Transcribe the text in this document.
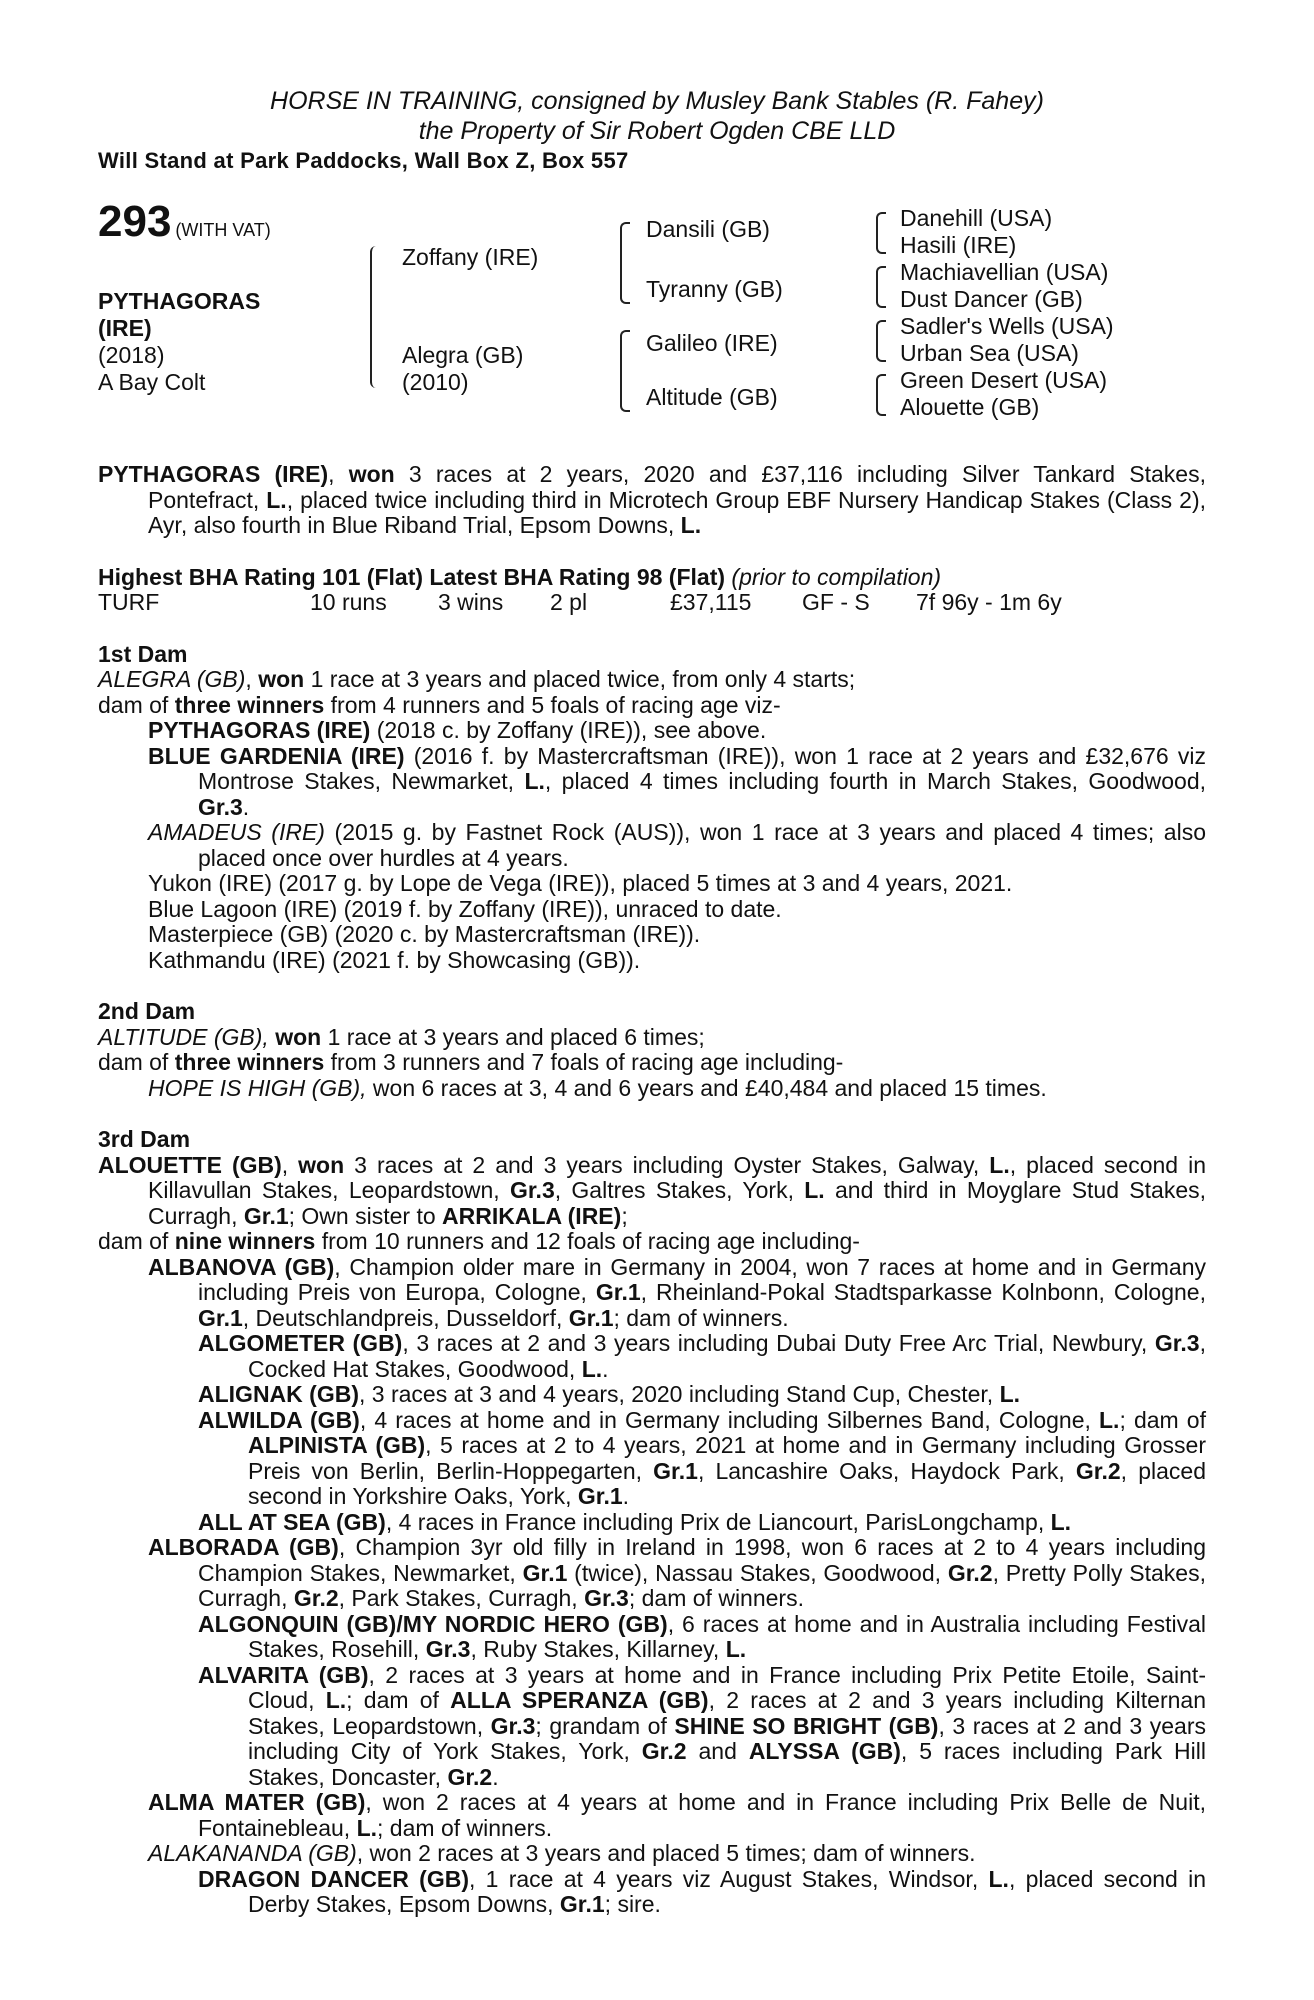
HORSE IN TRAINING, consigned by Musley Bank Stables (R. Fahey)
the Property of Sir Robert Ogden CBE LLD
Will Stand at Park Paddocks, Wall Box Z, Box 557
293 (WITH VAT)
PYTHAGORAS
(IRE)
(2018)
A Bay Colt
Zoffany (IRE)
Alegra (GB)
(2010)
Dansili (GB)
Tyranny (GB)
Galileo (IRE)
Altitude (GB)
Danehill (USA)
Hasili (IRE)
Machiavellian (USA)
Dust Dancer (GB)
Sadler's Wells (USA)
Urban Sea (USA)
Green Desert (USA)
Alouette (GB)
PYTHAGORAS (IRE), won 3 races at 2 years, 2020 and £37,116 including Silver Tankard Stakes, Pontefract, L., placed twice including third in Microtech Group EBF Nursery Handicap Stakes (Class 2), Ayr, also fourth in Blue Riband Trial, Epsom Downs, L.
Highest BHA Rating 101 (Flat) Latest BHA Rating 98 (Flat) (prior to compilation)
TURF	10 runs	3 wins	2 pl	£37,115	GF - S	7f 96y - 1m 6y
1st Dam
ALEGRA (GB), won 1 race at 3 years and placed twice, from only 4 starts;
dam of three winners from 4 runners and 5 foals of racing age viz-
PYTHAGORAS (IRE) (2018 c. by Zoffany (IRE)), see above.
BLUE GARDENIA (IRE) (2016 f. by Mastercraftsman (IRE)), won 1 race at 2 years and £32,676 viz Montrose Stakes, Newmarket, L., placed 4 times including fourth in March Stakes, Goodwood, Gr.3.
AMADEUS (IRE) (2015 g. by Fastnet Rock (AUS)), won 1 race at 3 years and placed 4 times; also placed once over hurdles at 4 years.
Yukon (IRE) (2017 g. by Lope de Vega (IRE)), placed 5 times at 3 and 4 years, 2021.
Blue Lagoon (IRE) (2019 f. by Zoffany (IRE)), unraced to date.
Masterpiece (GB) (2020 c. by Mastercraftsman (IRE)).
Kathmandu (IRE) (2021 f. by Showcasing (GB)).
2nd Dam
ALTITUDE (GB), won 1 race at 3 years and placed 6 times;
dam of three winners from 3 runners and 7 foals of racing age including-
HOPE IS HIGH (GB), won 6 races at 3, 4 and 6 years and £40,484 and placed 15 times.
3rd Dam
ALOUETTE (GB), won 3 races at 2 and 3 years including Oyster Stakes, Galway, L., placed second in Killavullan Stakes, Leopardstown, Gr.3, Galtres Stakes, York, L. and third in Moyglare Stud Stakes, Curragh, Gr.1; Own sister to ARRIKALA (IRE);
dam of nine winners from 10 runners and 12 foals of racing age including-
ALBANOVA (GB), Champion older mare in Germany in 2004, won 7 races at home and in Germany including Preis von Europa, Cologne, Gr.1, Rheinland-Pokal Stadtsparkasse Kolnbonn, Cologne, Gr.1, Deutschlandpreis, Dusseldorf, Gr.1; dam of winners.
ALGOMETER (GB), 3 races at 2 and 3 years including Dubai Duty Free Arc Trial, Newbury, Gr.3, Cocked Hat Stakes, Goodwood, L..
ALIGNAK (GB), 3 races at 3 and 4 years, 2020 including Stand Cup, Chester, L.
ALWILDA (GB), 4 races at home and in Germany including Silbernes Band, Cologne, L.; dam of ALPINISTA (GB), 5 races at 2 to 4 years, 2021 at home and in Germany including Grosser Preis von Berlin, Berlin-Hoppegarten, Gr.1, Lancashire Oaks, Haydock Park, Gr.2, placed second in Yorkshire Oaks, York, Gr.1.
ALL AT SEA (GB), 4 races in France including Prix de Liancourt, ParisLongchamp, L.
ALBORADA (GB), Champion 3yr old filly in Ireland in 1998, won 6 races at 2 to 4 years including Champion Stakes, Newmarket, Gr.1 (twice), Nassau Stakes, Goodwood, Gr.2, Pretty Polly Stakes, Curragh, Gr.2, Park Stakes, Curragh, Gr.3; dam of winners.
ALGONQUIN (GB)/MY NORDIC HERO (GB), 6 races at home and in Australia including Festival Stakes, Rosehill, Gr.3, Ruby Stakes, Killarney, L.
ALVARITA (GB), 2 races at 3 years at home and in France including Prix Petite Etoile, Saint-Cloud, L.; dam of ALLA SPERANZA (GB), 2 races at 2 and 3 years including Kilternan Stakes, Leopardstown, Gr.3; grandam of SHINE SO BRIGHT (GB), 3 races at 2 and 3 years including City of York Stakes, York, Gr.2 and ALYSSA (GB), 5 races including Park Hill Stakes, Doncaster, Gr.2.
ALMA MATER (GB), won 2 races at 4 years at home and in France including Prix Belle de Nuit, Fontainebleau, L.; dam of winners.
ALAKANANDA (GB), won 2 races at 3 years and placed 5 times; dam of winners.
DRAGON DANCER (GB), 1 race at 4 years viz August Stakes, Windsor, L., placed second in Derby Stakes, Epsom Downs, Gr.1; sire.
